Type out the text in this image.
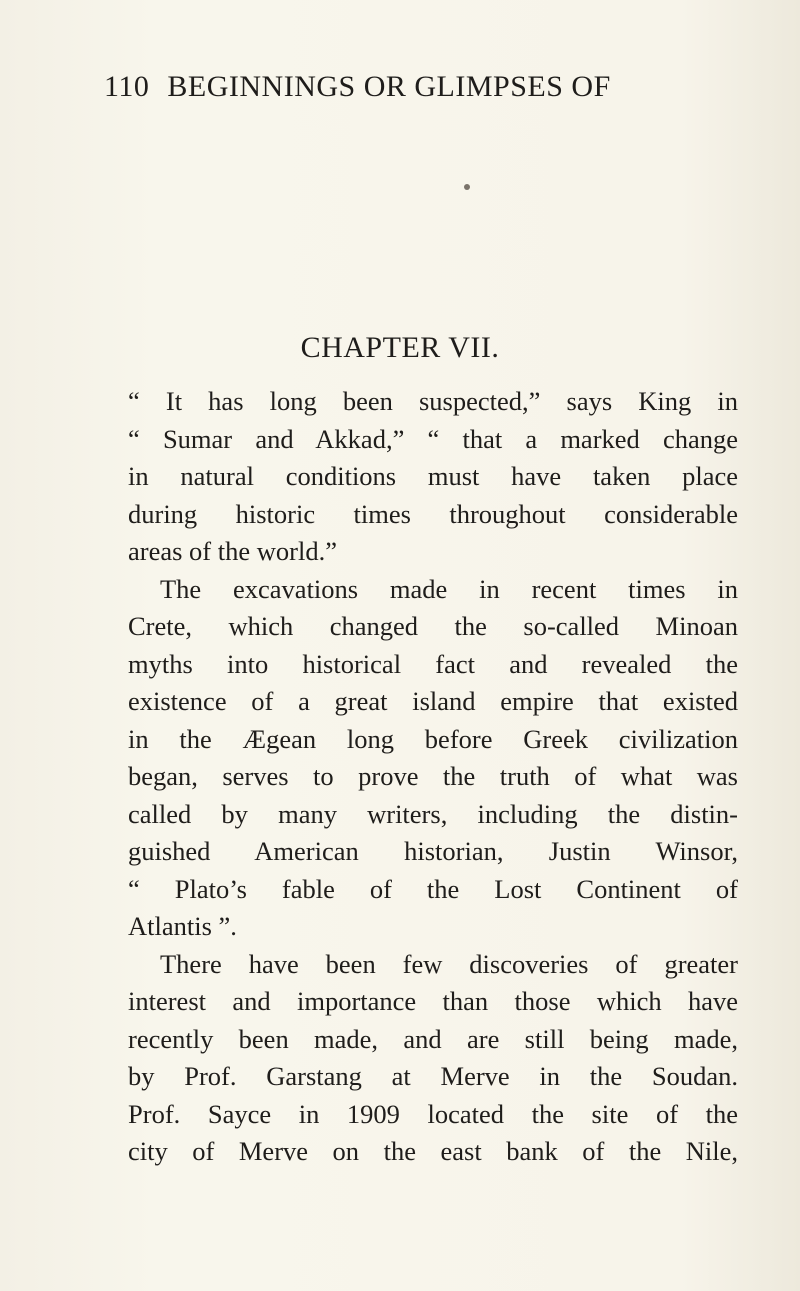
110 BEGINNINGS OR GLIMPSES OF
CHAPTER VII.
“ It has long been suspected,” says King in
“ Sumar and Akkad,” “ that a marked change
in natural conditions must have taken place
during historic times throughout considerable
areas of the world.”
The excavations made in recent times in
Crete, which changed the so-called Minoan
myths into historical fact and revealed the
existence of a great island empire that existed
in the Ægean long before Greek civilization
began, serves to prove the truth of what was
called by many writers, including the distin-
guished American historian, Justin Winsor,
“ Plato’s fable of the Lost Continent of
Atlantis ”.
There have been few discoveries of greater
interest and importance than those which have
recently been made, and are still being made,
by Prof. Garstang at Merve in the Soudan.
Prof. Sayce in 1909 located the site of the
city of Merve on the east bank of the Nile,
